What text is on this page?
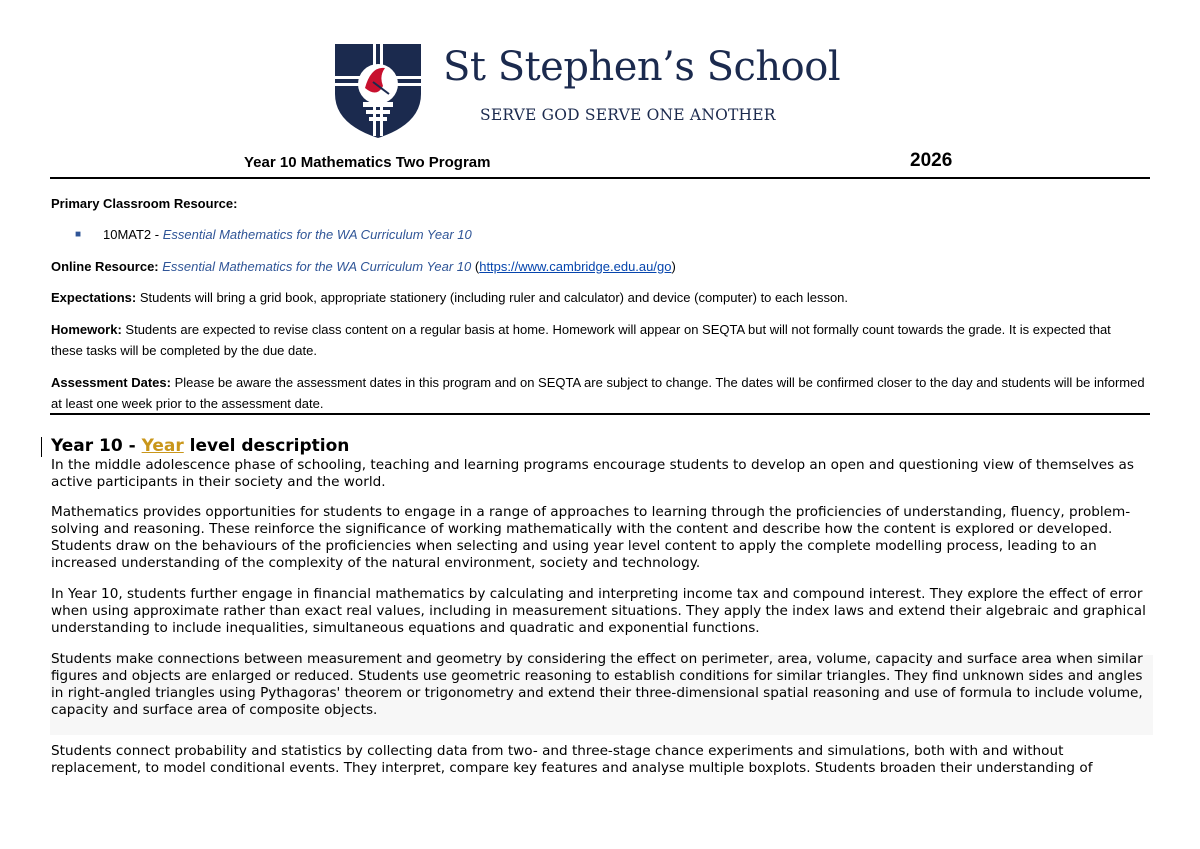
St Stephen’s School
SERVE GOD SERVE ONE ANOTHER
Year 10 Mathematics Two Program	2026

Primary Classroom Resource:

■ 10MAT2 - Essential Mathematics for the WA Curriculum Year 10

Online Resource: Essential Mathematics for the WA Curriculum Year 10 (https://www.cambridge.edu.au/go)

Expectations: Students will bring a grid book, appropriate stationery (including ruler and calculator) and device (computer) to each lesson.

Homework: Students are expected to revise class content on a regular basis at home. Homework will appear on SEQTA but will not formally count towards the grade. It is expected that these tasks will be completed by the due date.

Assessment Dates: Please be aware the assessment dates in this program and on SEQTA are subject to change. The dates will be confirmed closer to the day and students will be informed at least one week prior to the assessment date.

Year 10 - Year level description

In the middle adolescence phase of schooling, teaching and learning programs encourage students to develop an open and questioning view of themselves as active participants in their society and the world.

Mathematics provides opportunities for students to engage in a range of approaches to learning through the proficiencies of understanding, fluency, problem-solving and reasoning. These reinforce the significance of working mathematically with the content and describe how the content is explored or developed. Students draw on the behaviours of the proficiencies when selecting and using year level content to apply the complete modelling process, leading to an increased understanding of the complexity of the natural environment, society and technology.

In Year 10, students further engage in financial mathematics by calculating and interpreting income tax and compound interest. They explore the effect of error when using approximate rather than exact real values, including in measurement situations. They apply the index laws and extend their algebraic and graphical understanding to include inequalities, simultaneous equations and quadratic and exponential functions.

Students make connections between measurement and geometry by considering the effect on perimeter, area, volume, capacity and surface area when similar figures and objects are enlarged or reduced. Students use geometric reasoning to establish conditions for similar triangles. They find unknown sides and angles in right-angled triangles using Pythagoras' theorem or trigonometry and extend their three-dimensional spatial reasoning and use of formula to include volume, capacity and surface area of composite objects.

Students connect probability and statistics by collecting data from two- and three-stage chance experiments and simulations, both with and without replacement, to model conditional events. They interpret, compare key features and analyse multiple boxplots. Students broaden their understanding of
